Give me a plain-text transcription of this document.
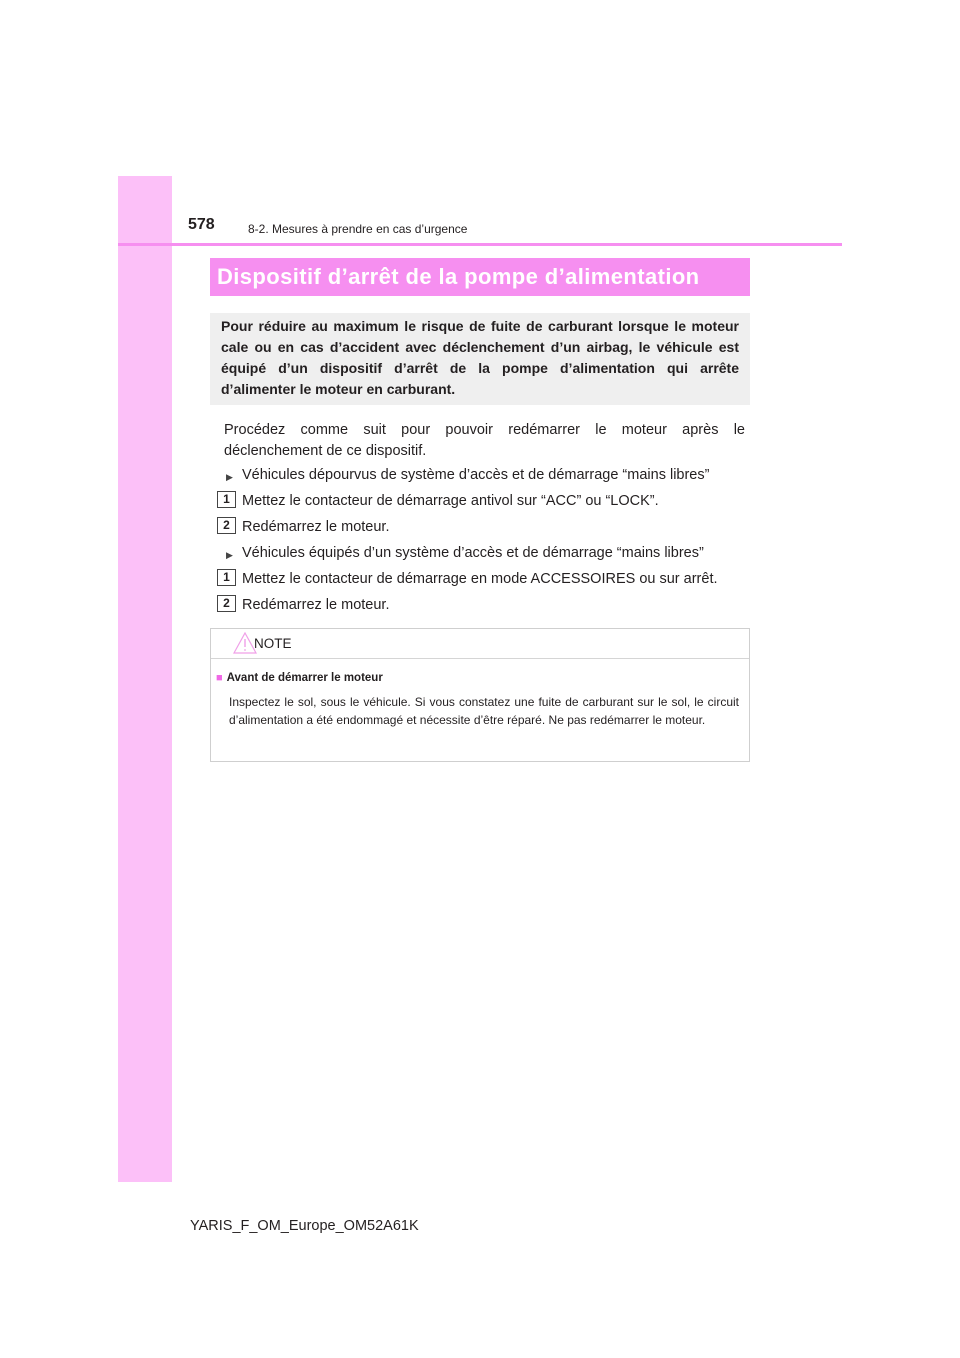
578	8-2. Mesures à prendre en cas d’urgence
Dispositif d’arrêt de la pompe d’alimentation

Pour réduire au maximum le risque de fuite de carburant lorsque le moteur cale ou en cas d’accident avec déclenchement d’un airbag, le véhicule est équipé d’un dispositif d’arrêt de la pompe d’alimentation qui arrête d’alimenter le moteur en carburant.

Procédez comme suit pour pouvoir redémarrer le moteur après le déclenchement de ce dispositif.

▶ Véhicules dépourvus de système d’accès et de démarrage “mains libres”
1 Mettez le contacteur de démarrage antivol sur “ACC” ou “LOCK”.
2 Redémarrez le moteur.
▶ Véhicules équipés d’un système d’accès et de démarrage “mains libres”
1 Mettez le contacteur de démarrage en mode ACCESSOIRES ou sur arrêt.
2 Redémarrez le moteur.
NOTE
■ Avant de démarrer le moteur

Inspectez le sol, sous le véhicule. Si vous constatez une fuite de carburant sur le sol, le circuit d’alimentation a été endommagé et nécessite d’être réparé. Ne pas redémarrer le moteur.

YARIS_F_OM_Europe_OM52A61K
